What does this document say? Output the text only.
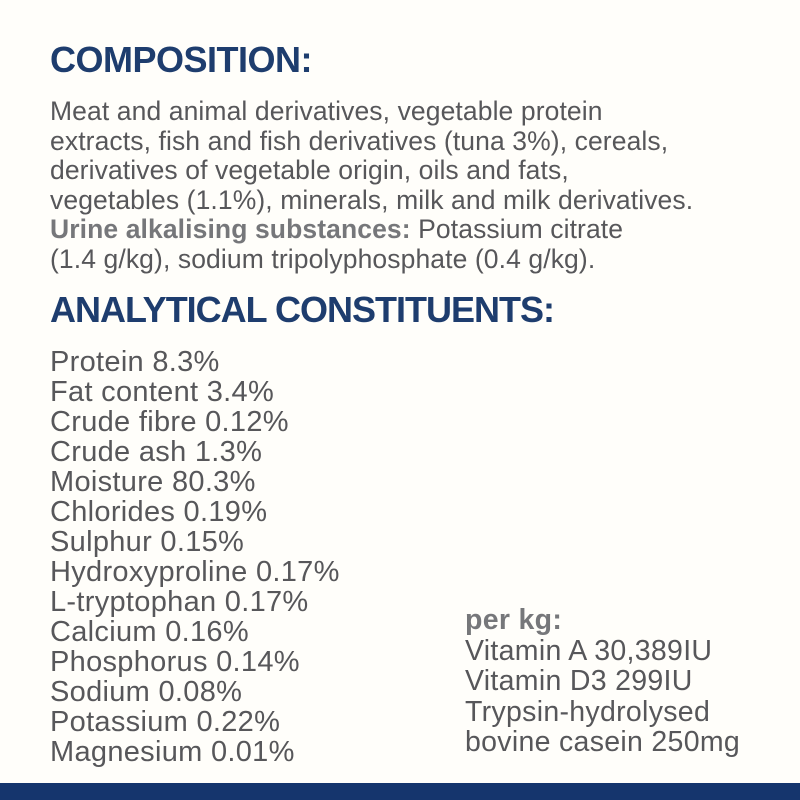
COMPOSITION:
Meat and animal derivatives, vegetable protein
extracts, fish and fish derivatives (tuna 3%), cereals,
derivatives of vegetable origin, oils and fats,
vegetables (1.1%), minerals, milk and milk derivatives.
Urine alkalising substances: Potassium citrate
(1.4 g/kg), sodium tripolyphosphate (0.4 g/kg).
ANALYTICAL CONSTITUENTS:
Protein 8.3%
Fat content 3.4%
Crude fibre 0.12%
Crude ash 1.3%
Moisture 80.3%
Chlorides 0.19%
Sulphur 0.15%
Hydroxyproline 0.17%
L-tryptophan 0.17%
Calcium 0.16%
Phosphorus 0.14%
Sodium 0.08%
Potassium 0.22%
Magnesium 0.01%
per kg:
Vitamin A 30,389IU
Vitamin D3 299IU
Trypsin-hydrolysed bovine casein 250mg
